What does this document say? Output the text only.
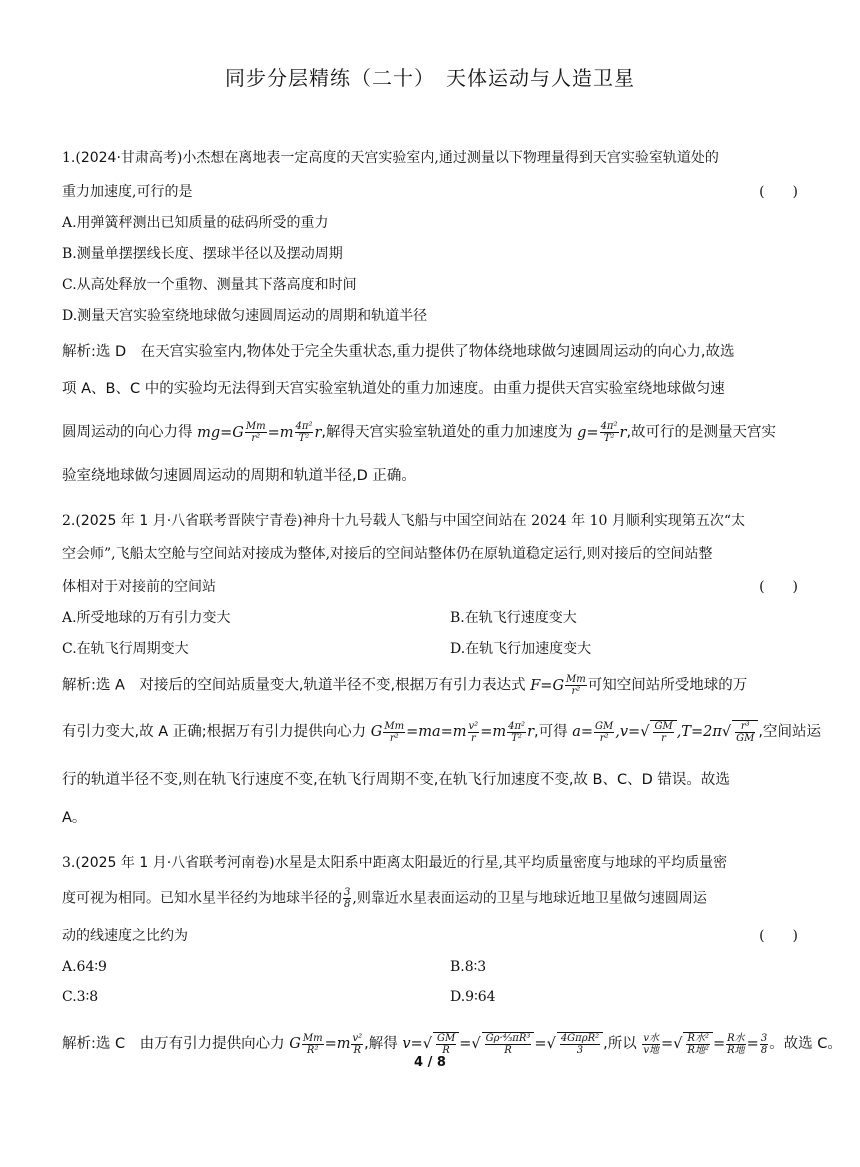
同步分层精练（二十）　天体运动与人造卫星
1.(2024·甘肃高考)小杰想在离地表一定高度的天宫实验室内,通过测量以下物理量得到天宫实验室轨道处的
重力加速度,可行的是	(　　)
A.用弹簧秤测出已知质量的砝码所受的重力
B.测量单摆摆线长度、摆球半径以及摆动周期
C.从高处释放一个重物、测量其下落高度和时间
D.测量天宫实验室绕地球做匀速圆周运动的周期和轨道半径
解析:选 D　在天宫实验室内,物体处于完全失重状态,重力提供了物体绕地球做匀速圆周运动的向心力,故选
项 A、B、C 中的实验均无法得到天宫实验室轨道处的重力加速度。由重力提供天宫实验室绕地球做匀速
圆周运动的向心力得 $mg=G \frac{Mm}{\text{r²}} =m \frac{\text{4π²}}{\text{T²}} r$,解得天宫实验室轨道处的重力加速度为 $g= \frac{\text{4π²}}{\text{T²}} r$,故可行的是测量天宫实
验室绕地球做匀速圆周运动的周期和轨道半径,D 正确。
2.(2025 年 1 月·八省联考晋陕宁青卷)神舟十九号载人飞船与中国空间站在 2024 年 10 月顺利实现第五次“太
空会师”,飞船太空舱与空间站对接成为整体,对接后的空间站整体仍在原轨道稳定运行,则对接后的空间站整
体相对于对接前的空间站	(　　)
A.所受地球的万有引力变大	B.在轨飞行速度变大
C.在轨飞行周期变大	D.在轨飞行加速度变大
解析:选 A　对接后的空间站质量变大,轨道半径不变,根据万有引力表达式 $F=G \frac{Mm}{\text{r²}}$ 可知空间站所受地球的万
有引力变大,故 A 正确;根据万有引力提供向心力 G $\frac{Mm}{\text{r²}} =ma=m \frac{\text{v²}}{r} =m \frac{\text{4π²}}{\text{T²}} r$,可得 $a= \frac{GM}{\text{r²}} ,v=√ \frac{GM}{r} ,T=2\pi√ \frac{\text{r³}}{GM}$ ,空间站运
行的轨道半径不变,则在轨飞行速度不变,在轨飞行周期不变,在轨飞行加速度不变,故 B、C、D 错误。故选
A。
3.(2025 年 1 月·八省联考河南卷)水星是太阳系中距离太阳最近的行星,其平均质量密度与地球的平均质量密
度可视为相同。已知水星半径约为地球半径的 $\frac{3}{8}$ ,则靠近水星表面运动的卫星与地球近地卫星做匀速圆周运
动的线速度之比约为	(　　)
A.64∶9	B.8∶3
C.3∶8	D.9∶64
解析:选 C　由万有引力提供向心力 G $\frac{Mm}{\text{R²}} =m \frac{\text{v²}}{R}$ ,解得 $v=√ \frac{GM}{R}$ =√ $\frac{\text{Gρ·⁴⁄₃πR³}}{R}$ =√ 4GπρR²
3	,所以 v水
v地 =√ R水²
R地² = R水
R地 = $\frac{3}{8}$ 。故选 C。
4 / 8
